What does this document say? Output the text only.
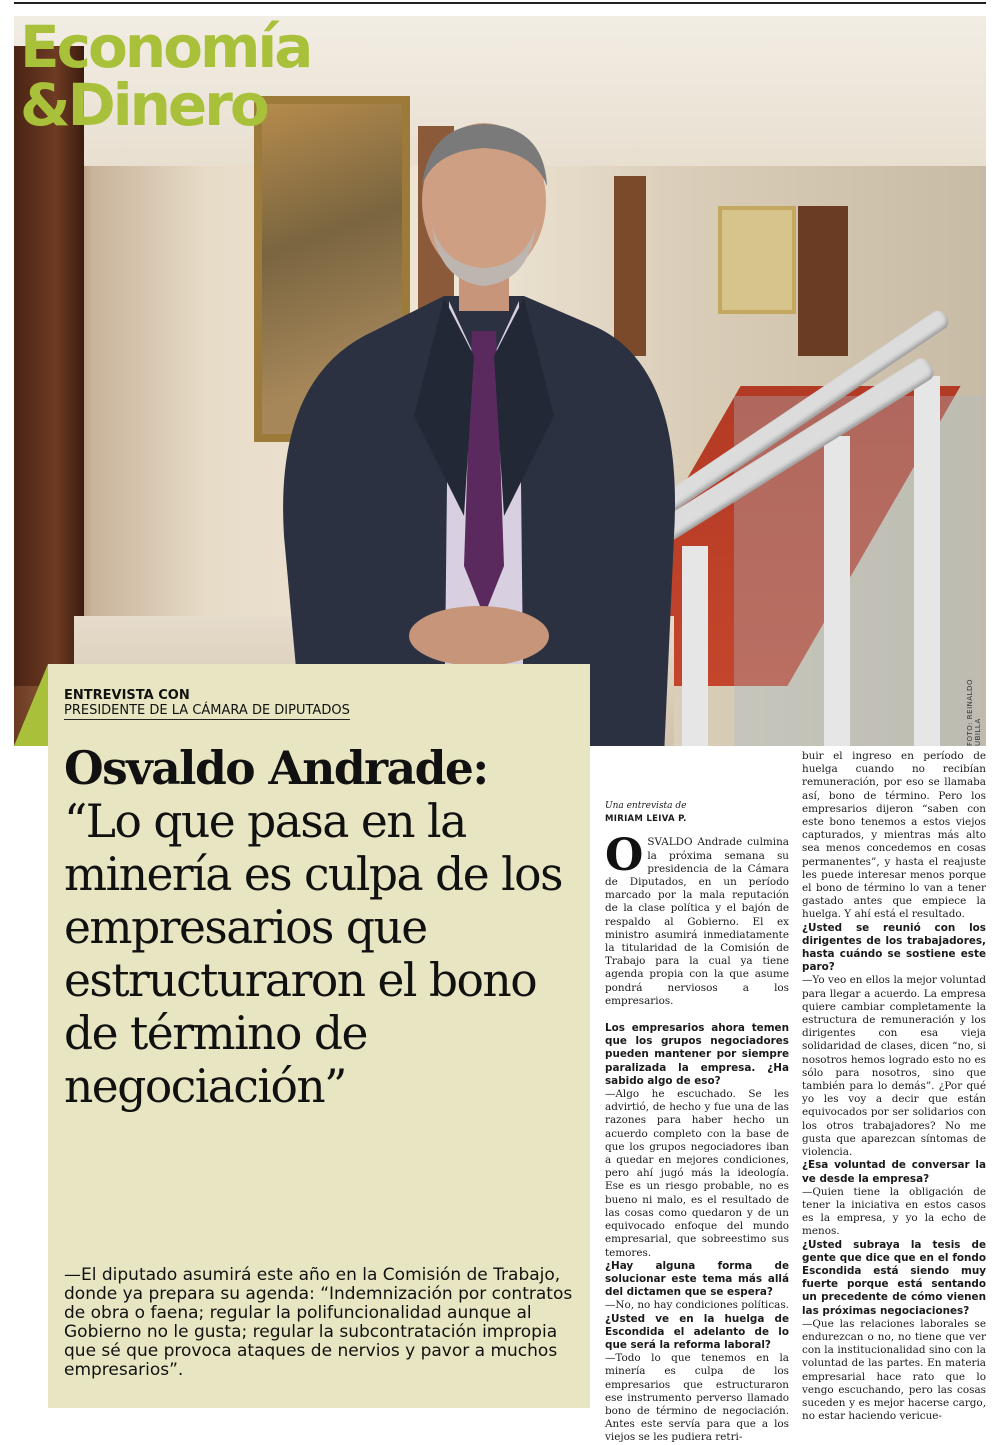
FOTO: REINALDO UBILLA
Economía
&Dinero
ENTREVISTA CON
PRESIDENTE DE LA CÁMARA DE DIPUTADOS
Osvaldo Andrade:
“Lo que pasa en la minería es culpa de los empresarios que estructuraron el bono de término de negociación”
—El diputado asumirá este año en la Comisión de Trabajo, donde ya prepara su agenda: “Indemnización por contratos de obra o faena; regular la polifuncionalidad aunque al Gobierno no le gusta; regular la subcontratación impropia que sé que provoca ataques de nervios y pavor a muchos empresarios”.

Una entrevista de

MIRIAM LEIVA P.

OSVALDO Andrade culmina la próxima semana su presidencia de la Cámara de Diputados, en un período marcado por la mala reputación de la clase política y el bajón de respaldo al Gobierno. El ex ministro asumirá inmediatamente la titularidad de la Comisión de Trabajo para la cual ya tiene agenda propia con la que asume pondrá nerviosos a los empresarios.

Los empresarios ahora temen que los grupos negociadores pueden mantener por siempre paralizada la empresa. ¿Ha sabido algo de eso?

—Algo he escuchado. Se les advirtió, de hecho y fue una de las razones para haber hecho un acuerdo completo con la base de que los grupos negociadores iban a quedar en mejores condiciones, pero ahí jugó más la ideología. Ese es un riesgo probable, no es bueno ni malo, es el resultado de las cosas como quedaron y de un equivocado enfoque del mundo empresarial, que sobreestimo sus temores.

¿Hay alguna forma de solucionar este tema más allá del dictamen que se espera?

—No, no hay condiciones políticas.

¿Usted ve en la huelga de Escondida el adelanto de lo que será la reforma laboral?

—Todo lo que tenemos en la minería es culpa de los empresarios que estructuraron ese instrumento perverso llamado bono de término de negociación. Antes este servía para que a los viejos se les pudiera retri-

buir el ingreso en período de huelga cuando no recibían remuneración, por eso se llamaba así, bono de término. Pero los empresarios dijeron “saben con este bono tenemos a estos viejos capturados, y mientras más alto sea menos concedemos en cosas permanentes”, y hasta el reajuste les puede interesar menos porque el bono de término lo van a tener gastado antes que empiece la huelga. Y ahí está el resultado.

¿Usted se reunió con los dirigentes de los trabajadores, hasta cuándo se sostiene este paro?

—Yo veo en ellos la mejor voluntad para llegar a acuerdo. La empresa quiere cambiar completamente la estructura de remuneración y los dirigentes con esa vieja solidaridad de clases, dicen “no, si nosotros hemos logrado esto no es sólo para nosotros, sino que también para lo demás”. ¿Por qué yo les voy a decir que están equivocados por ser solidarios con los otros trabajadores? No me gusta que aparezcan síntomas de violencia.

¿Esa voluntad de conversar la ve desde la empresa?

—Quien tiene la obligación de tener la iniciativa en estos casos es la empresa, y yo la echo de menos.

¿Usted subraya la tesis de gente que dice que en el fondo Escondida está siendo muy fuerte porque está sentando un precedente de cómo vienen las próximas negociaciones?

—Que las relaciones laborales se endurezcan o no, no tiene que ver con la institucionalidad sino con la voluntad de las partes. En materia empresarial hace rato que lo vengo escuchando, pero las cosas suceden y es mejor hacerse cargo, no estar haciendo vericue-
